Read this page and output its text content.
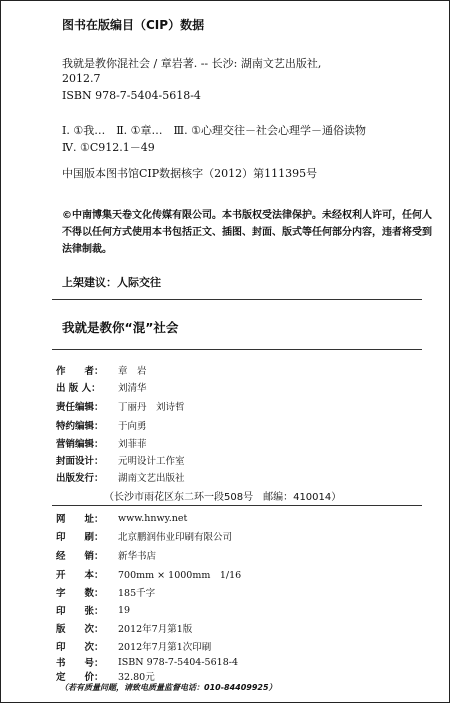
图书在版编目（CIP）数据
我就是教你混社会 / 章岩著. -- 长沙: 湖南文艺出版社,
2012.7
ISBN 978-7-5404-5618-4
Ⅰ. ①我…　Ⅱ. ①章…　Ⅲ. ①心理交往－社会心理学－通俗读物
Ⅳ. ①C912.1－49
中国版本图书馆CIP数据核字（2012）第111395号
©中南博集天卷文化传媒有限公司。本书版权受法律保护。未经权利人许可，任何人不得以任何方式使用本书包括正文、插图、封面、版式等任何部分内容，违者将受到法律制裁。
上架建议：人际交往
我就是教你“混”社会
作　　者：	章　岩
出 版 人：	刘清华
责任编辑：	丁丽丹　刘诗哲
特约编辑：	于向勇
营销编辑：	刘菲菲
封面设计：	元明设计工作室
出版发行：	湖南文艺出版社
（长沙市雨花区东二环一段508号　邮编：410014）
网　　址：	www.hnwy.net
印　　刷：	北京鹏润伟业印刷有限公司
经　　销：	新华书店
开　　本：	700mm × 1000mm　1/16
字　　数：	185千字
印　　张：	19
版　　次：	2012年7月第1版
印　　次：	2012年7月第1次印刷
书　　号：	ISBN 978-7-5404-5618-4
定　　价：	32.80元
（若有质量问题，请致电质量监督电话：010-84409925）
